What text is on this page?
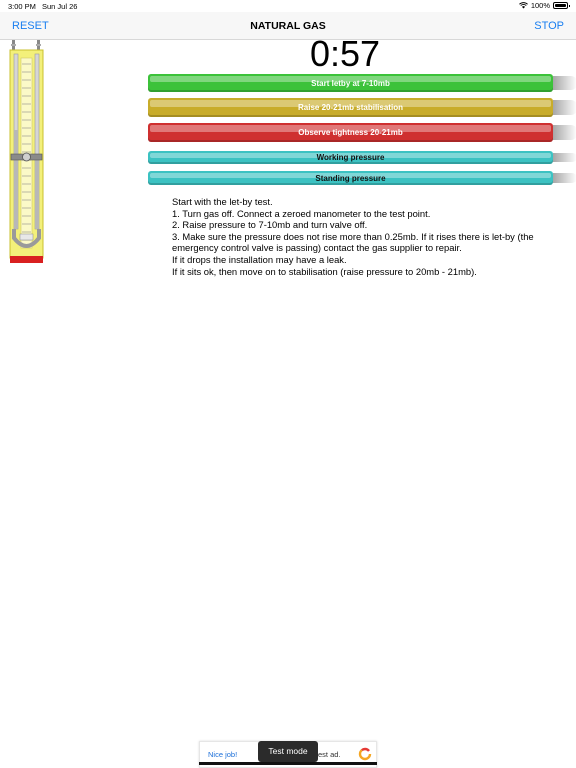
3:00 PM Sun Jul 26	100%
RESET	NATURAL GAS	STOP
0:57
Start letby at 7-10mb
Raise 20-21mb stabilisation
Observe tightness 20-21mb
Working pressure
Standing pressure
Start with the let-by test.
1. Turn gas off. Connect a zeroed manometer to the test point.
2. Raise pressure to 7-10mb and turn valve off.
3. Make sure the pressure does not rise more than 0.25mb. If it rises there is let-by (the emergency control valve is passing) contact the gas supplier to repair.
If it drops the installation may have a leak.
If it sits ok, then move on to stabilisation (raise pressure to 20mb - 21mb).
Nice job!	est ad.
Test mode
